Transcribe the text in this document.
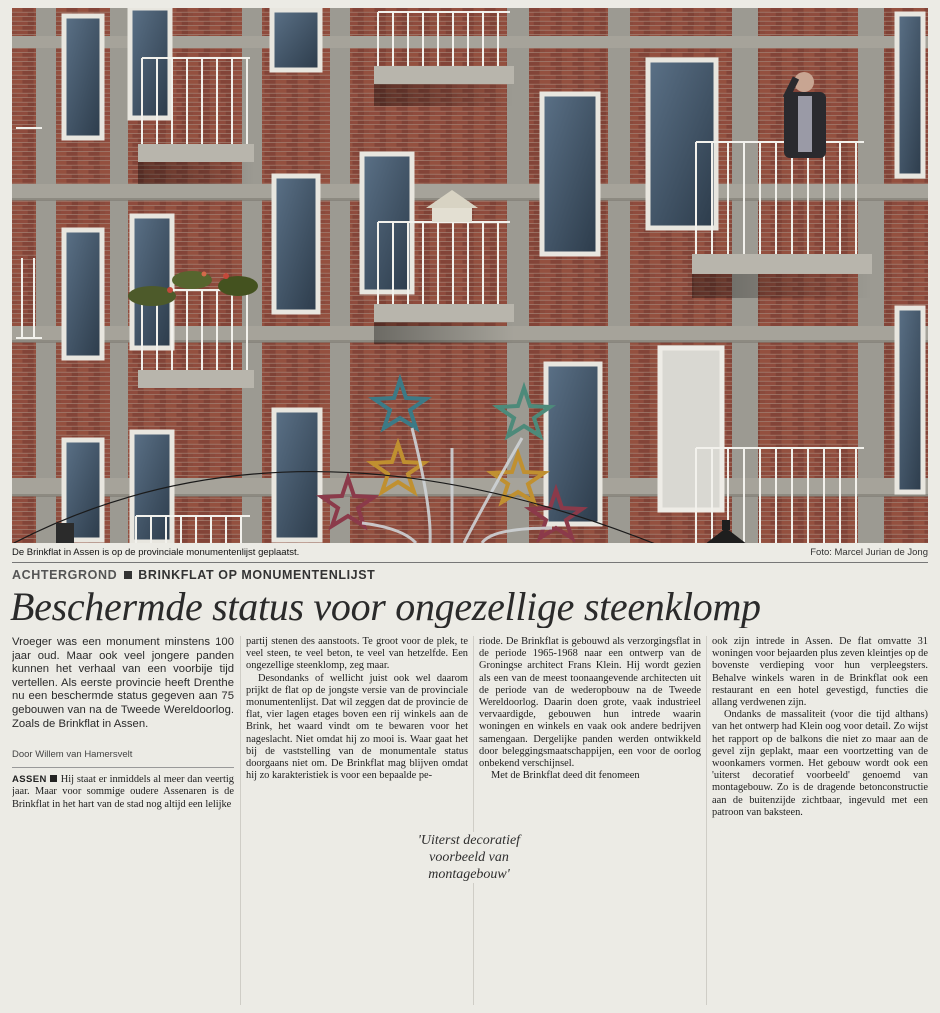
De Brinkflat in Assen is op de provinciale monumentenlijst geplaatst.	Foto: Marcel Jurian de Jong
ACHTERGROND BRINKFLAT OP MONUMENTENLIJST
Beschermde status voor ongezellige steenklomp

Vroeger was een monument minstens 100 jaar oud. Maar ook veel jongere panden kunnen het verhaal van een voorbije tijd vertellen. Als eerste provincie heeft Drenthe nu een beschermde status gegeven aan 75 gebouwen van na de Tweede Wereldoorlog. Zoals de Brinkflat in Assen.

Door Willem van Hamersvelt

ASSEN Hij staat er inmiddels al meer dan veertig jaar. Maar voor sommige oudere Assenaren is de Brinkflat in het hart van de stad nog altijd een lelijke

partij stenen des aanstoots. Te groot voor de plek, te veel steen, te veel beton, te veel van hetzelfde. Een ongezellige steenklomp, zeg maar.

Desondanks of wellicht juist ook wel daarom prijkt de flat op de jongste versie van de provinciale monumentenlijst. Dat wil zeggen dat de provincie de flat, vier lagen etages boven een rij winkels aan de Brink, het waard vindt om te bewaren voor het nageslacht. Niet omdat hij zo mooi is. Waar gaat het bij de vaststelling van de monumentale status doorgaans niet om. De Brinkflat mag blijven omdat hij zo karakteristiek is voor een bepaalde pe-

riode. De Brinkflat is gebouwd als verzorgingsflat in de periode 1965-1968 naar een ontwerp van de Groningse architect Frans Klein. Hij wordt gezien als een van de meest toonaangevende architecten uit de periode van de wederopbouw na de Tweede Wereldoorlog. Daarin doen grote, vaak industrieel vervaardigde, gebouwen hun intrede waarin woningen en winkels en vaak ook andere bedrijven samengaan. Dergelijke panden werden ontwikkeld door beleggingsmaatschappijen, een voor de oorlog onbekend verschijnsel.

Met de Brinkflat deed dit fenomeen

ook zijn intrede in Assen. De flat omvatte 31 woningen voor bejaarden plus zeven kleintjes op de bovenste verdieping voor hun verpleegsters. Behalve winkels waren in de Brinkflat ook een restaurant en een hotel gevestigd, functies die allang verdwenen zijn.

Ondanks de massaliteit (voor die tijd althans) van het ontwerp had Klein oog voor detail. Zo wijst het rapport op de balkons die niet zo maar aan de gevel zijn geplakt, maar een voortzetting van de woonkamers vormen. Het gebouw wordt ook een 'uiterst decoratief voorbeeld' genoemd van montagebouw. Zo is de dragende betonconstructie aan de buitenzijde zichtbaar, ingevuld met een patroon van baksteen.

'Uiterst decoratief voorbeeld van montagebouw'
